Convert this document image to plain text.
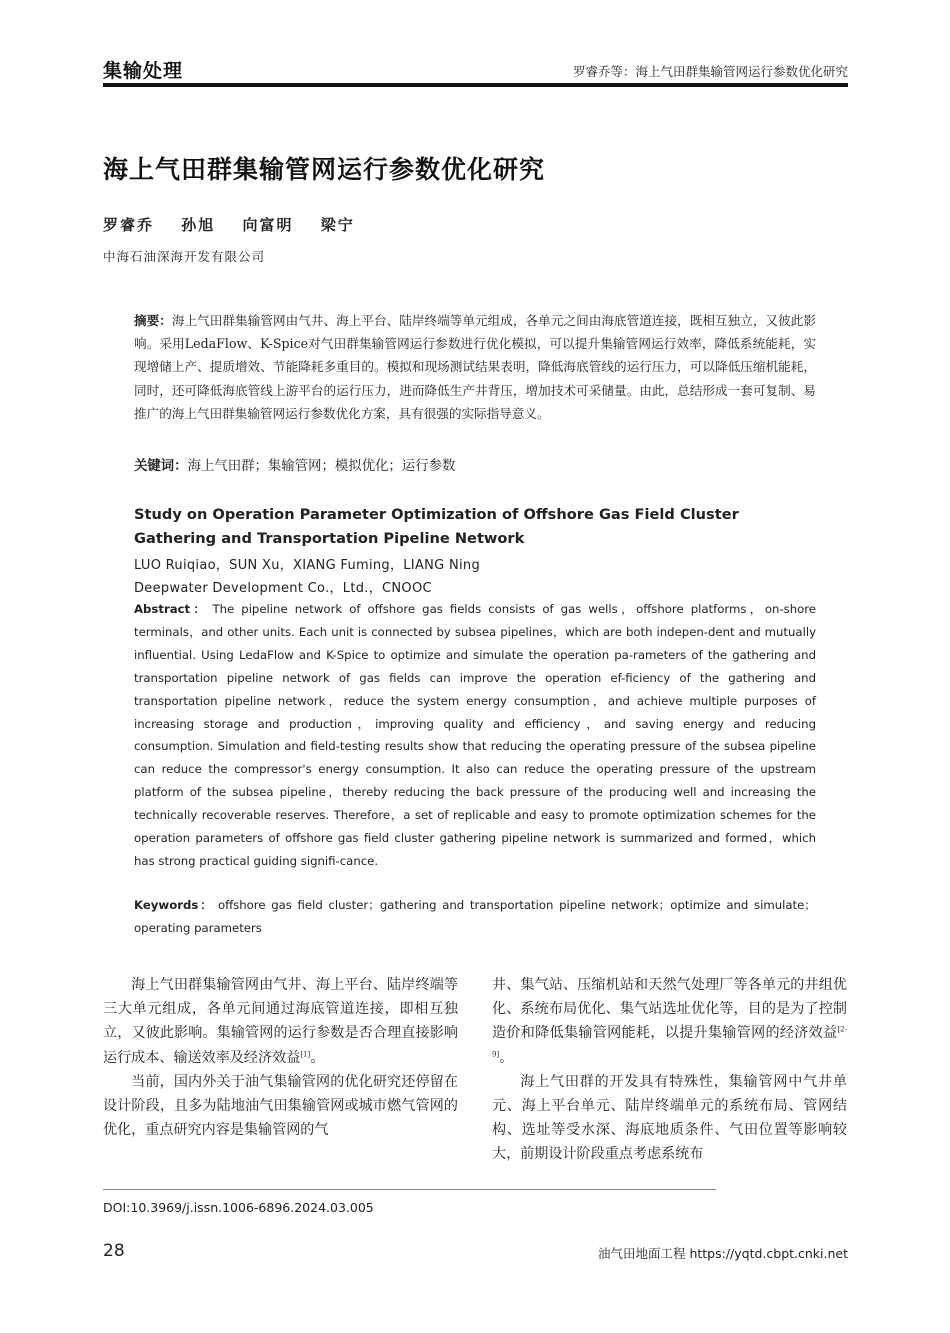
集输处理	罗睿乔等：海上气田群集输管网运行参数优化研究
海上气田群集输管网运行参数优化研究
罗睿乔 孙旭 向富明 梁宁
中海石油深海开发有限公司
摘要：海上气田群集输管网由气井、海上平台、陆岸终端等单元组成，各单元之间由海底管道连接，既相互独立，又彼此影响。采用LedaFlow、K-Spice对气田群集输管网运行参数进行优化模拟，可以提升集输管网运行效率，降低系统能耗，实现增储上产、提质增效、节能降耗多重目的。模拟和现场测试结果表明，降低海底管线的运行压力，可以降低压缩机能耗，同时，还可降低海底管线上游平台的运行压力，进而降低生产井背压，增加技术可采储量。由此，总结形成一套可复制、易推广的海上气田群集输管网运行参数优化方案，具有很强的实际指导意义。
关键词：海上气田群；集输管网；模拟优化；运行参数
Study on Operation Parameter Optimization of Offshore Gas Field Cluster Gathering and Transportation Pipeline Network
LUO Ruiqiao，SUN Xu，XIANG Fuming，LIANG Ning
Deepwater Development Co.，Ltd.，CNOOC
Abstract： The pipeline network of offshore gas fields consists of gas wells，offshore platforms，on-shore terminals，and other units. Each unit is connected by subsea pipelines，which are both indepen-dent and mutually influential. Using LedaFlow and K-Spice to optimize and simulate the operation pa-rameters of the gathering and transportation pipeline network of gas fields can improve the operation ef-ficiency of the gathering and transportation pipeline network，reduce the system energy consumption，and achieve multiple purposes of increasing storage and production，improving quality and efficiency，and saving energy and reducing consumption. Simulation and field-testing results show that reducing the operating pressure of the subsea pipeline can reduce the compressor's energy consumption. It also can reduce the operating pressure of the upstream platform of the subsea pipeline，thereby reducing the back pressure of the producing well and increasing the technically recoverable reserves. Therefore，a set of replicable and easy to promote optimization schemes for the operation parameters of offshore gas field cluster gathering pipeline network is summarized and formed，which has strong practical guiding signifi-cance.
Keywords： offshore gas field cluster；gathering and transportation pipeline network；optimize and simulate；operating parameters

海上气田群集输管网由气井、海上平台、陆岸终端等三大单元组成，各单元间通过海底管道连接，即相互独立，又彼此影响。集输管网的运行参数是否合理直接影响运行成本、输送效率及经济效益[1]。

当前，国内外关于油气集输管网的优化研究还停留在设计阶段，且多为陆地油气田集输管网或城市燃气管网的优化，重点研究内容是集输管网的气

井、集气站、压缩机站和天然气处理厂等各单元的井组优化、系统布局优化、集气站选址优化等，目的是为了控制造价和降低集输管网能耗，以提升集输管网的经济效益[2-9]。

海上气田群的开发具有特殊性，集输管网中气井单元、海上平台单元、陆岸终端单元的系统布局、管网结构、选址等受水深、海底地质条件、气田位置等影响较大，前期设计阶段重点考虑系统布

DOI:10.3969/j.issn.1006-6896.2024.03.005
28	油气田地面工程 https://yqtd.cbpt.cnki.net
